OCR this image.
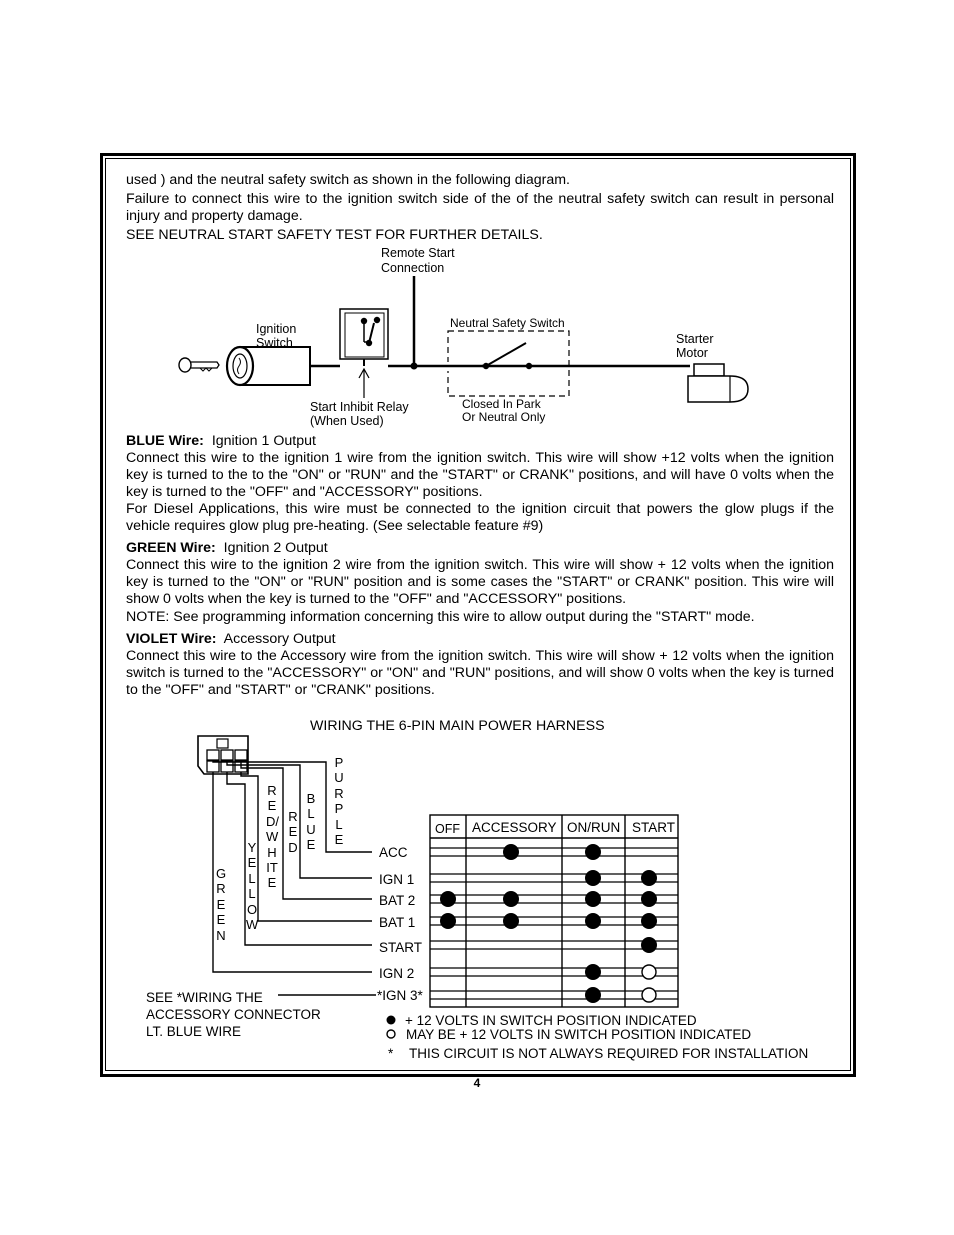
used ) and the neutral safety switch as shown in the following diagram.
Failure to connect this wire to the ignition switch side of the of the neutral safety switch can result in personal injury and property damage.
SEE NEUTRAL START SAFETY TEST FOR FURTHER DETAILS.
Remote Start
Connection
Ignition
Switch
Neutral Safety Switch
Starter
Motor
Start Inhibit Relay
(When Used)
Closed In Park
Or Neutral Only
BLUE Wire: Ignition 1 Output
Connect this wire to the ignition 1 wire from the ignition switch. This wire will show +12 volts when the ignition key is turned to the to the "ON" or "RUN" and the "START" or CRANK" positions, and will have 0 volts when the key is turned to the "OFF" and "ACCESSORY" positions.
For Diesel Applications, this wire must be connected to the ignition circuit that powers the glow plugs if the vehicle requires glow plug pre-heating. (See selectable feature #9)
GREEN Wire: Ignition 2 Output
Connect this wire to the ignition 2 wire from the ignition switch. This wire will show + 12 volts when the ignition key is turned to the "ON" or "RUN" position and is some cases the "START" or CRANK" position. This wire will show 0 volts when the key is turned to the "OFF" and "ACCESSORY" positions.
NOTE: See programming information concerning this wire to allow output during the "START" mode.
VIOLET Wire: Accessory Output
Connect this wire to the Accessory wire from the ignition switch. This wire will show + 12 volts when the ignition switch is turned to the "ACCESSORY" or "ON" and "RUN" positions, and will show 0 volts when the key is turned to the "OFF" and "START" or "CRANK" positions.
WIRING THE 6-PIN MAIN POWER HARNESS
GREEN
YELLOW
RED/WHITE
RED
BLUE
PURPLE
OFF ACCESSORY ON/RUN START
ACC
IGN 1
BAT 2
BAT 1
START
IGN 2
*IGN 3*
SEE *WIRING THE
ACCESSORY CONNECTOR
LT. BLUE WIRE
+ 12 VOLTS IN SWITCH POSITION INDICATED
MAY BE + 12 VOLTS IN SWITCH POSITION INDICATED
* THIS CIRCUIT IS NOT ALWAYS REQUIRED FOR INSTALLATION
4
